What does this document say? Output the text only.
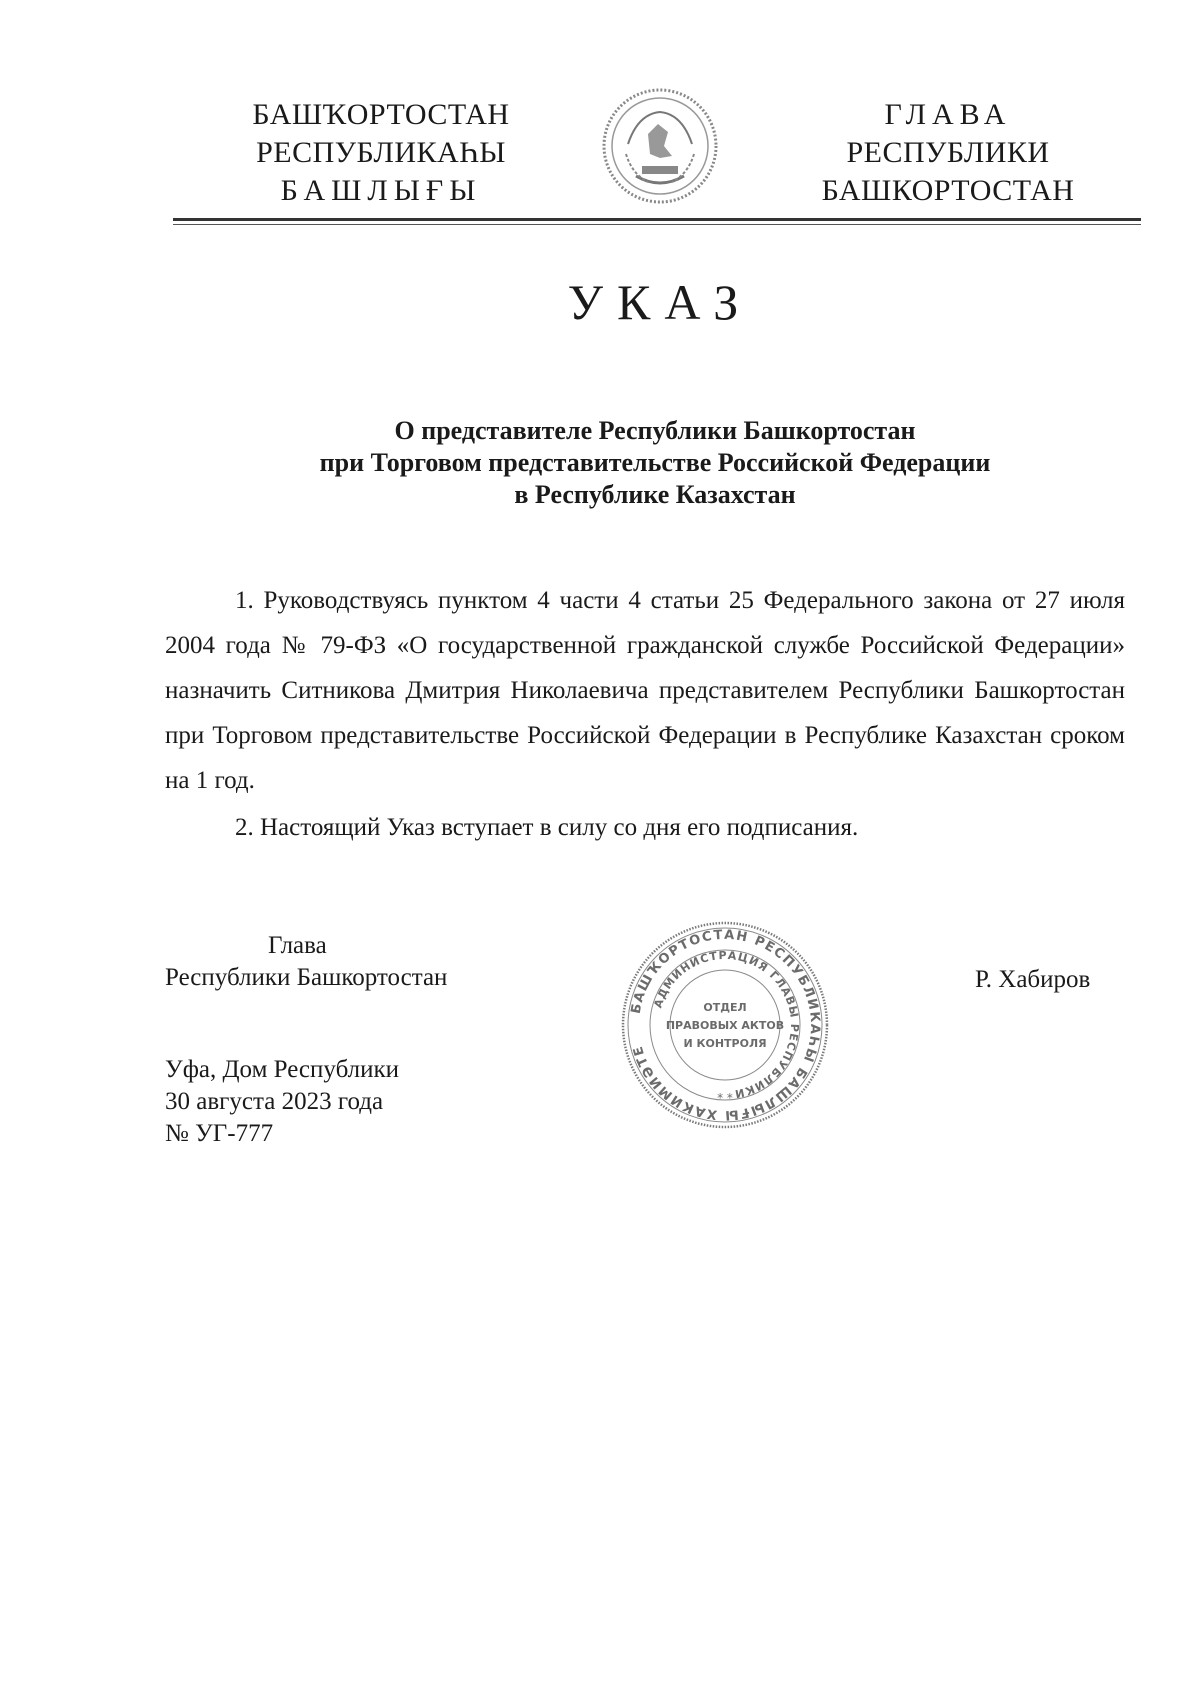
БАШҠОРТОСТАН
РЕСПУБЛИКАҺЫ
БАШЛЫҒЫ
ГЛАВА
РЕСПУБЛИКИ
БАШКОРТОСТАН
УКАЗ
О представителе Республики Башкортостан
при Торговом представительстве Российской Федерации
в Республике Казахстан

1. Руководствуясь пунктом 4 части 4 статьи 25 Федерального закона от 27 июля 2004 года № 79-ФЗ «О государственной гражданской службе Российской Федерации» назначить Ситникова Дмитрия Николаевича представителем Республики Башкортостан при Торговом представительстве Российской Федерации в Республике Казахстан сроком на 1 год.

2. Настоящий Указ вступает в силу со дня его подписания.

Глава
Республики Башкортостан	Р. Хабиров
Уфа, Дом Республики
30 августа 2023 года
№ УГ-777
БАШҠОРТОСТАН РЕСПУБЛИКАҺЫ БАШЛЫҒЫ ХАКИМИӘТЕ
АДМИНИСТРАЦИЯ ГЛАВЫ РЕСПУБЛИКИ
ОТДЕЛ
ПРАВОВЫХ АКТОВ
И КОНТРОЛЯ
* *
